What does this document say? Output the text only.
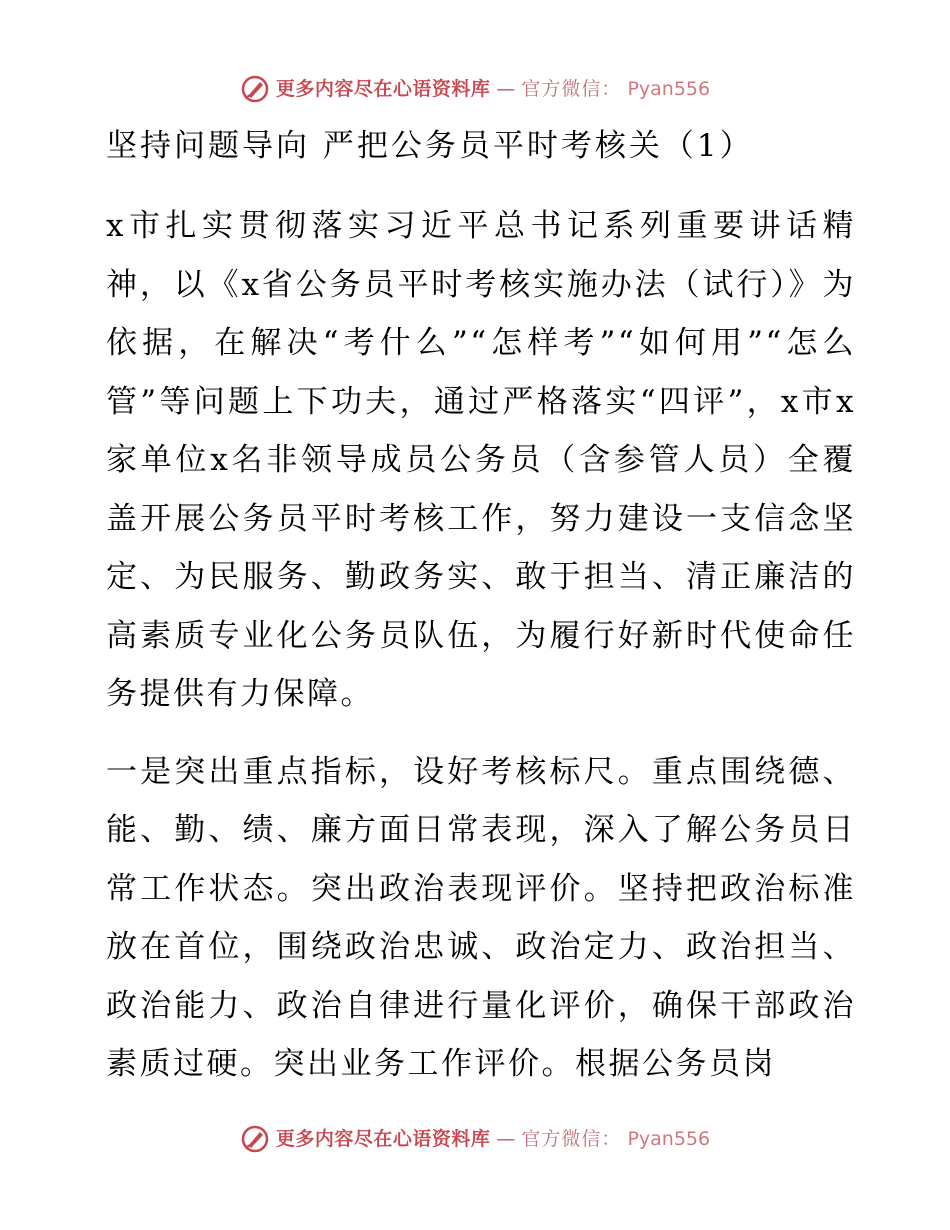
更多内容尽在心语资料库 — 官方微信： Pyan556
坚持问题导向 严把公务员平时考核关（1）

x市扎实贯彻落实习近平总书记系列重要讲话精神，以《x省公务员平时考核实施办法（试行）》为依据，在解决“考什么”“怎样考”“如何用”“怎么管”等问题上下功夫，通过严格落实“四评”，x市x家单位x名非领导成员公务员（含参管人员）全覆盖开展公务员平时考核工作，努力建设一支信念坚定、为民服务、勤政务实、敢于担当、清正廉洁的高素质专业化公务员队伍，为履行好新时代使命任务提供有力保障。

一是突出重点指标，设好考核标尺。重点围绕德、能、勤、绩、廉方面日常表现，深入了解公务员日常工作状态。突出政治表现评价。坚持把政治标准放在首位，围绕政治忠诚、政治定力、政治担当、政治能力、政治自律进行量化评价，确保干部政治素质过硬。突出业务工作评价。根据公务员岗

更多内容尽在心语资料库 — 官方微信： Pyan556
